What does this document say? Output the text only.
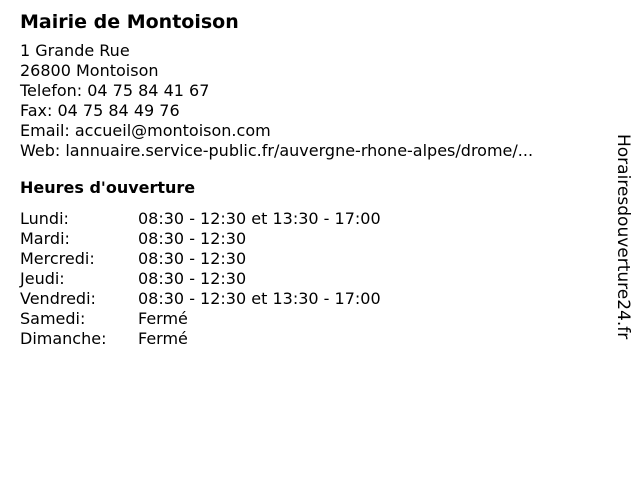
Mairie de Montoison
1 Grande Rue
26800 Montoison
Telefon: 04 75 84 41 67
Fax: 04 75 84 49 76
Email: accueil@montoison.com
Web: lannuaire.service-public.fr/auvergne-rhone-alpes/drome/...
Heures d'ouverture
Lundi:	08:30 - 12:30 et 13:30 - 17:00
Mardi:	08:30 - 12:30
Mercredi:	08:30 - 12:30
Jeudi:	08:30 - 12:30
Vendredi:	08:30 - 12:30 et 13:30 - 17:00
Samedi:	Fermé
Dimanche:	Fermé	Horairesdouverture24.fr
